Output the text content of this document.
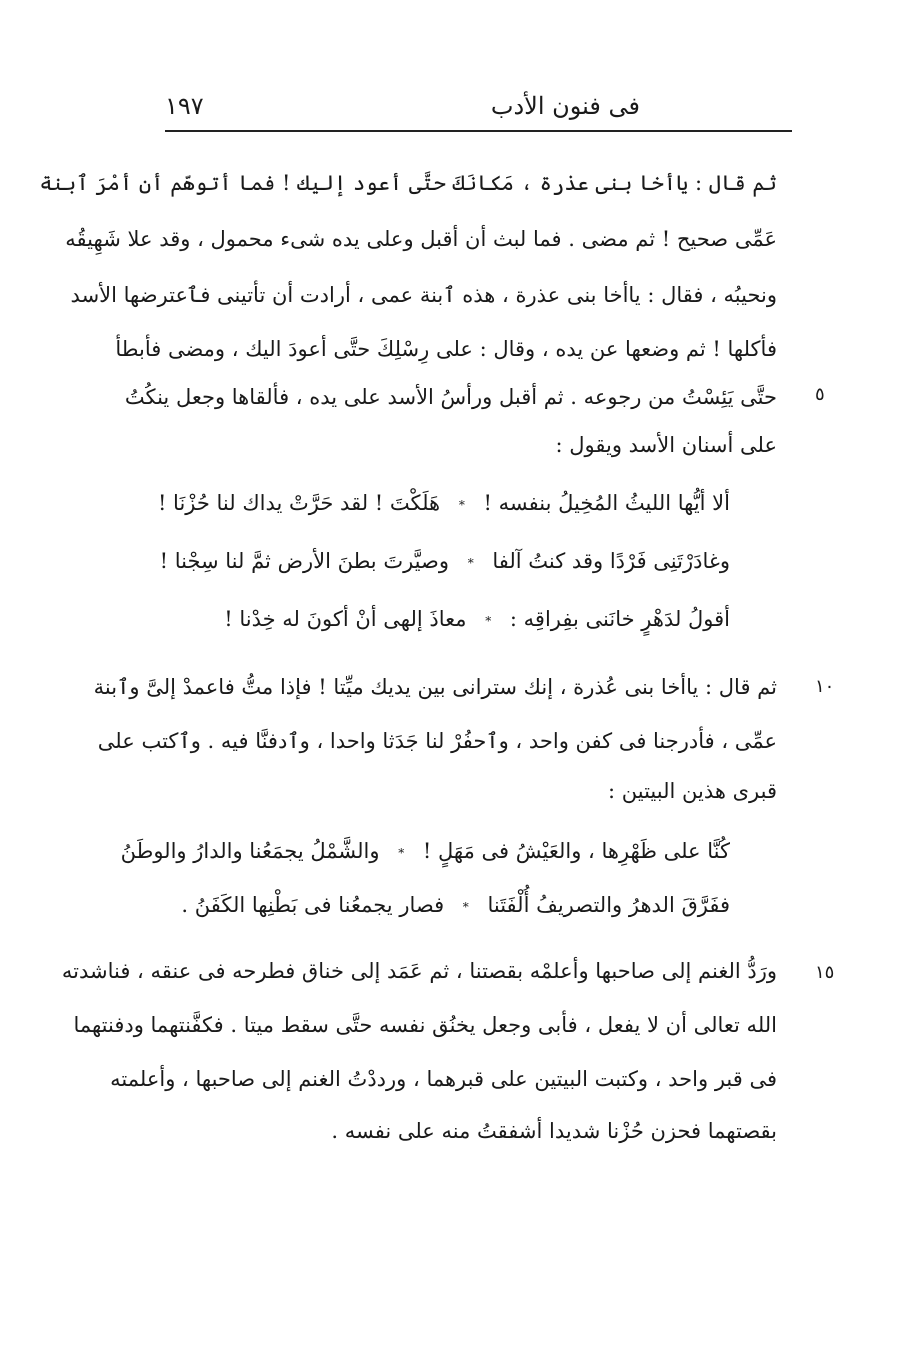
١٩٧	فى فنون الأدب
ثم قال : ياأخا بنى عذرة ، مَكانَكَ حتَّى أعود إليك ! فما أتوهّم أن أمْرَ ٱبنة
عَمِّى صحيح ! ثم مضى . فما لبث أن أقبل وعلى يده شىء محمول ، وقد علا شَهِيقُه
ونحيبُه ، فقال : ياأخا بنى عذرة ، هذه ٱبنة عمى ، أرادت أن تأتينى فٱعترضها الأسد
فأكلها ! ثم وضعها عن يده ، وقال : على رِسْلِكَ حتَّى أعودَ اليك ، ومضى فأبطأ
حتَّى يَئِسْتُ من رجوعه . ثم أقبل ورأسُ الأسد على يده ، فألقاها وجعل ينكُتُ
على أسنان الأسد ويقول :
٥
ألا أيُّها الليثُ المُخِيلُ بنفسه ! * هَلَكْتَ ! لقد حَرَّتْ يداك لنا حُزْنَا !
وغادَرْتَنِى فَرْدًا وقد كنتُ آلفا * وصيَّرتَ بطنَ الأرض ثمَّ لنا سِجْنا !
أقولُ لدَهْرٍ خانَنى بفِراقِه : * معاذَ إلهى أنْ أكونَ له خِدْنا !
ثم قال : ياأخا بنى عُذرة ، إنك سترانى بين يديك ميِّتا ! فإذا متُّ فاعمدْ إلىَّ وٱبنة
عمِّى ، فأدرجنا فى كفن واحد ، وٱحفُرْ لنا جَدَثا واحدا ، وٱدفنَّا فيه . وٱكتب على
قبرى هذين البيتين :
١٠
كُنَّا على ظَهْرِها ، والعَيْشُ فى مَهَلٍ ! * والشَّمْلُ يجمَعُنا والدارُ والوطَنُ
ففَرَّقَ الدهرُ والتصريفُ أُلْفَتَنا * فصار يجمعُنا فى بَطْنِها الكَفَنُ .
ورَدُّ الغنم إلى صاحبها وأعلمْه بقصتنا ، ثم عَمَد إلى خناق فطرحه فى عنقه ، فناشدته
الله تعالى أن لا يفعل ، فأبى وجعل يخنُق نفسه حتَّى سقط ميتا . فكفَّنتهما ودفنتهما
فى قبر واحد ، وكتبت البيتين على قبرهما ، ورددْتُ الغنم إلى صاحبها ، وأعلمته
بقصتهما فحزن حُزْنا شديدا أشفقتُ منه على نفسه .
١٥
